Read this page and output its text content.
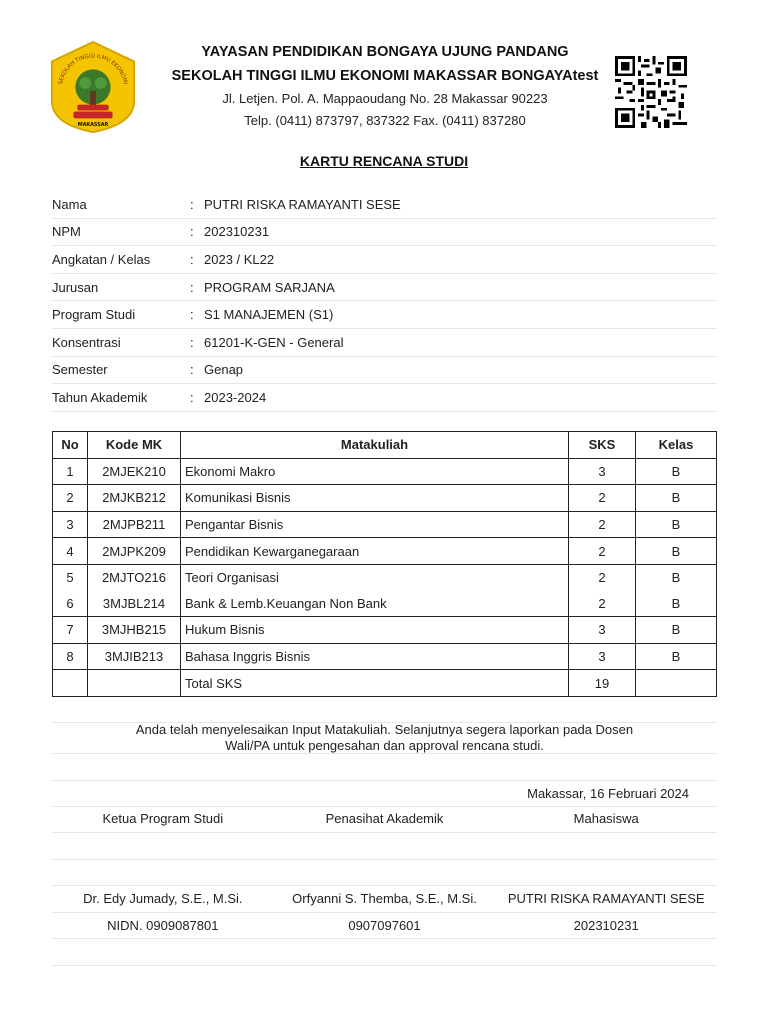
SEKOLAH TINGGI ILMU EKONOMI
MAKASSAR
YAYASAN PENDIDIKAN BONGAYA UJUNG PANDANG
SEKOLAH TINGGI ILMU EKONOMI MAKASSAR BONGAYAtest
Jl. Letjen. Pol. A. Mappaoudang No. 28 Makassar 90223
Telp. (0411) 873797, 837322 Fax. (0411) 837280
KARTU RENCANA STUDI
Nama	: PUTRI RISKA RAMAYANTI SESE
NPM	: 202310231
Angkatan / Kelas	: 2023 / KL22
Jurusan	: PROGRAM SARJANA
Program Studi	: S1 MANAJEMEN (S1)
Konsentrasi	: 61201-K-GEN - General
Semester	: Genap
Tahun Akademik	: 2023-2024
No	Kode MK	Matakuliah	SKS	Kelas
1	2MJEK210	Ekonomi Makro	3	B
2	2MJKB212	Komunikasi Bisnis	2	B
3	2MJPB211	Pengantar Bisnis	2	B
4	2MJPK209	Pendidikan Kewarganegaraan	2	B
5	2MJTO216	Teori Organisasi	2	B
6	3MJBL214	Bank & Lemb.Keuangan Non Bank	2	B
7	3MJHB215	Hukum Bisnis	3	B
8	3MJIB213	Bahasa Inggris Bisnis	3	B
		Total SKS	19	
Anda telah menyelesaikan Input Matakuliah. Selanjutnya segera laporkan pada Dosen
Wali/PA untuk pengesahan dan approval rencana studi.
Makassar, 16 Februari 2024
Ketua Program Studi	Penasihat Akademik	Mahasiswa
Dr. Edy Jumady, S.E., M.Si.	Orfyanni S. Themba, S.E., M.Si.	PUTRI RISKA RAMAYANTI SESE
NIDN. 0909087801	0907097601	202310231
